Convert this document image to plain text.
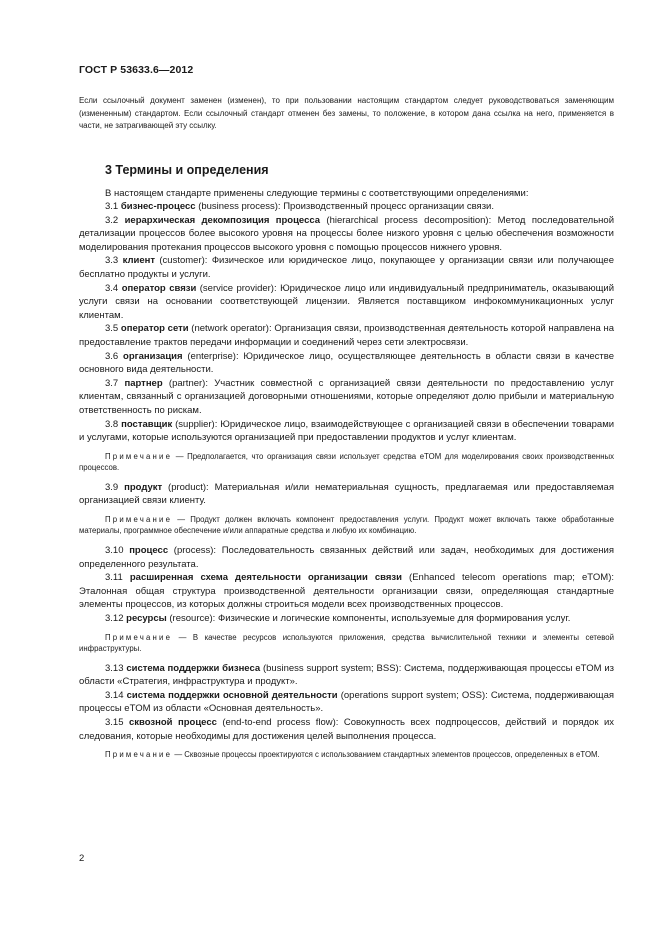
ГОСТ Р 53633.6—2012

Если ссылочный документ заменен (изменен), то при пользовании настоящим стандартом следует руководствоваться заменяющим (измененным) стандартом. Если ссылочный стандарт отменен без замены, то положение, в котором дана ссылка на него, применяется в части, не затрагивающей эту ссылку.

3 Термины и определения

В настоящем стандарте применены следующие термины с соответствующими определениями:

3.1 бизнес-процесс (business process): Производственный процесс организации связи.

3.2 иерархическая декомпозиция процесса (hierarchical process decomposition): Метод последовательной детализации процессов более высокого уровня на процессы более низкого уровня с целью обеспечения возможности моделирования протекания процессов высокого уровня с помощью процессов нижнего уровня.

3.3 клиент (customer): Физическое или юридическое лицо, покупающее у организации связи или получающее бесплатно продукты и услуги.

3.4 оператор связи (service provider): Юридическое лицо или индивидуальный предприниматель, оказывающий услуги связи на основании соответствующей лицензии. Является поставщиком инфокоммуникационных услуг клиентам.

3.5 оператор сети (network operator): Организация связи, производственная деятельность которой направлена на предоставление трактов передачи информации и соединений через сети электросвязи.

3.6 организация (enterprise): Юридическое лицо, осуществляющее деятельность в области связи в качестве основного вида деятельности.

3.7 партнер (partner): Участник совместной с организацией связи деятельности по предоставлению услуг клиентам, связанный с организацией договорными отношениями, которые определяют долю прибыли и материальную ответственность по рискам.

3.8 поставщик (supplier): Юридическое лицо, взаимодействующее с организацией связи в обеспечении товарами и услугами, которые используются организацией при предоставлении продуктов и услуг клиентам.

Примечание — Предполагается, что организация связи использует средства eTOM для моделирования своих производственных процессов.

3.9 продукт (product): Материальная и/или нематериальная сущность, предлагаемая или предоставляемая организацией связи клиенту.

Примечание — Продукт должен включать компонент предоставления услуги. Продукт может включать также обработанные материалы, программное обеспечение и/или аппаратные средства и любую их комбинацию.

3.10 процесс (process): Последовательность связанных действий или задач, необходимых для достижения определенного результата.

3.11 расширенная схема деятельности организации связи (Enhanced telecom operations map; eTOM): Эталонная общая структура производственной деятельности организации связи, определяющая стандартные элементы процессов, из которых должны строиться модели всех производственных процессов.

3.12 ресурсы (resource): Физические и логические компоненты, используемые для формирования услуг.

Примечание — В качестве ресурсов используются приложения, средства вычислительной техники и элементы сетевой инфраструктуры.

3.13 система поддержки бизнеса (business support system; BSS): Система, поддерживающая процессы eTOM из области «Стратегия, инфраструктура и продукт».

3.14 система поддержки основной деятельности (operations support system; OSS): Система, поддерживающая процессы eTOM из области «Основная деятельность».

3.15 сквозной процесс (end-to-end process flow): Совокупность всех подпроцессов, действий и порядок их следования, которые необходимы для достижения целей выполнения процесса.

Примечание — Сквозные процессы проектируются с использованием стандартных элементов процессов, определенных в eTOM.

2
